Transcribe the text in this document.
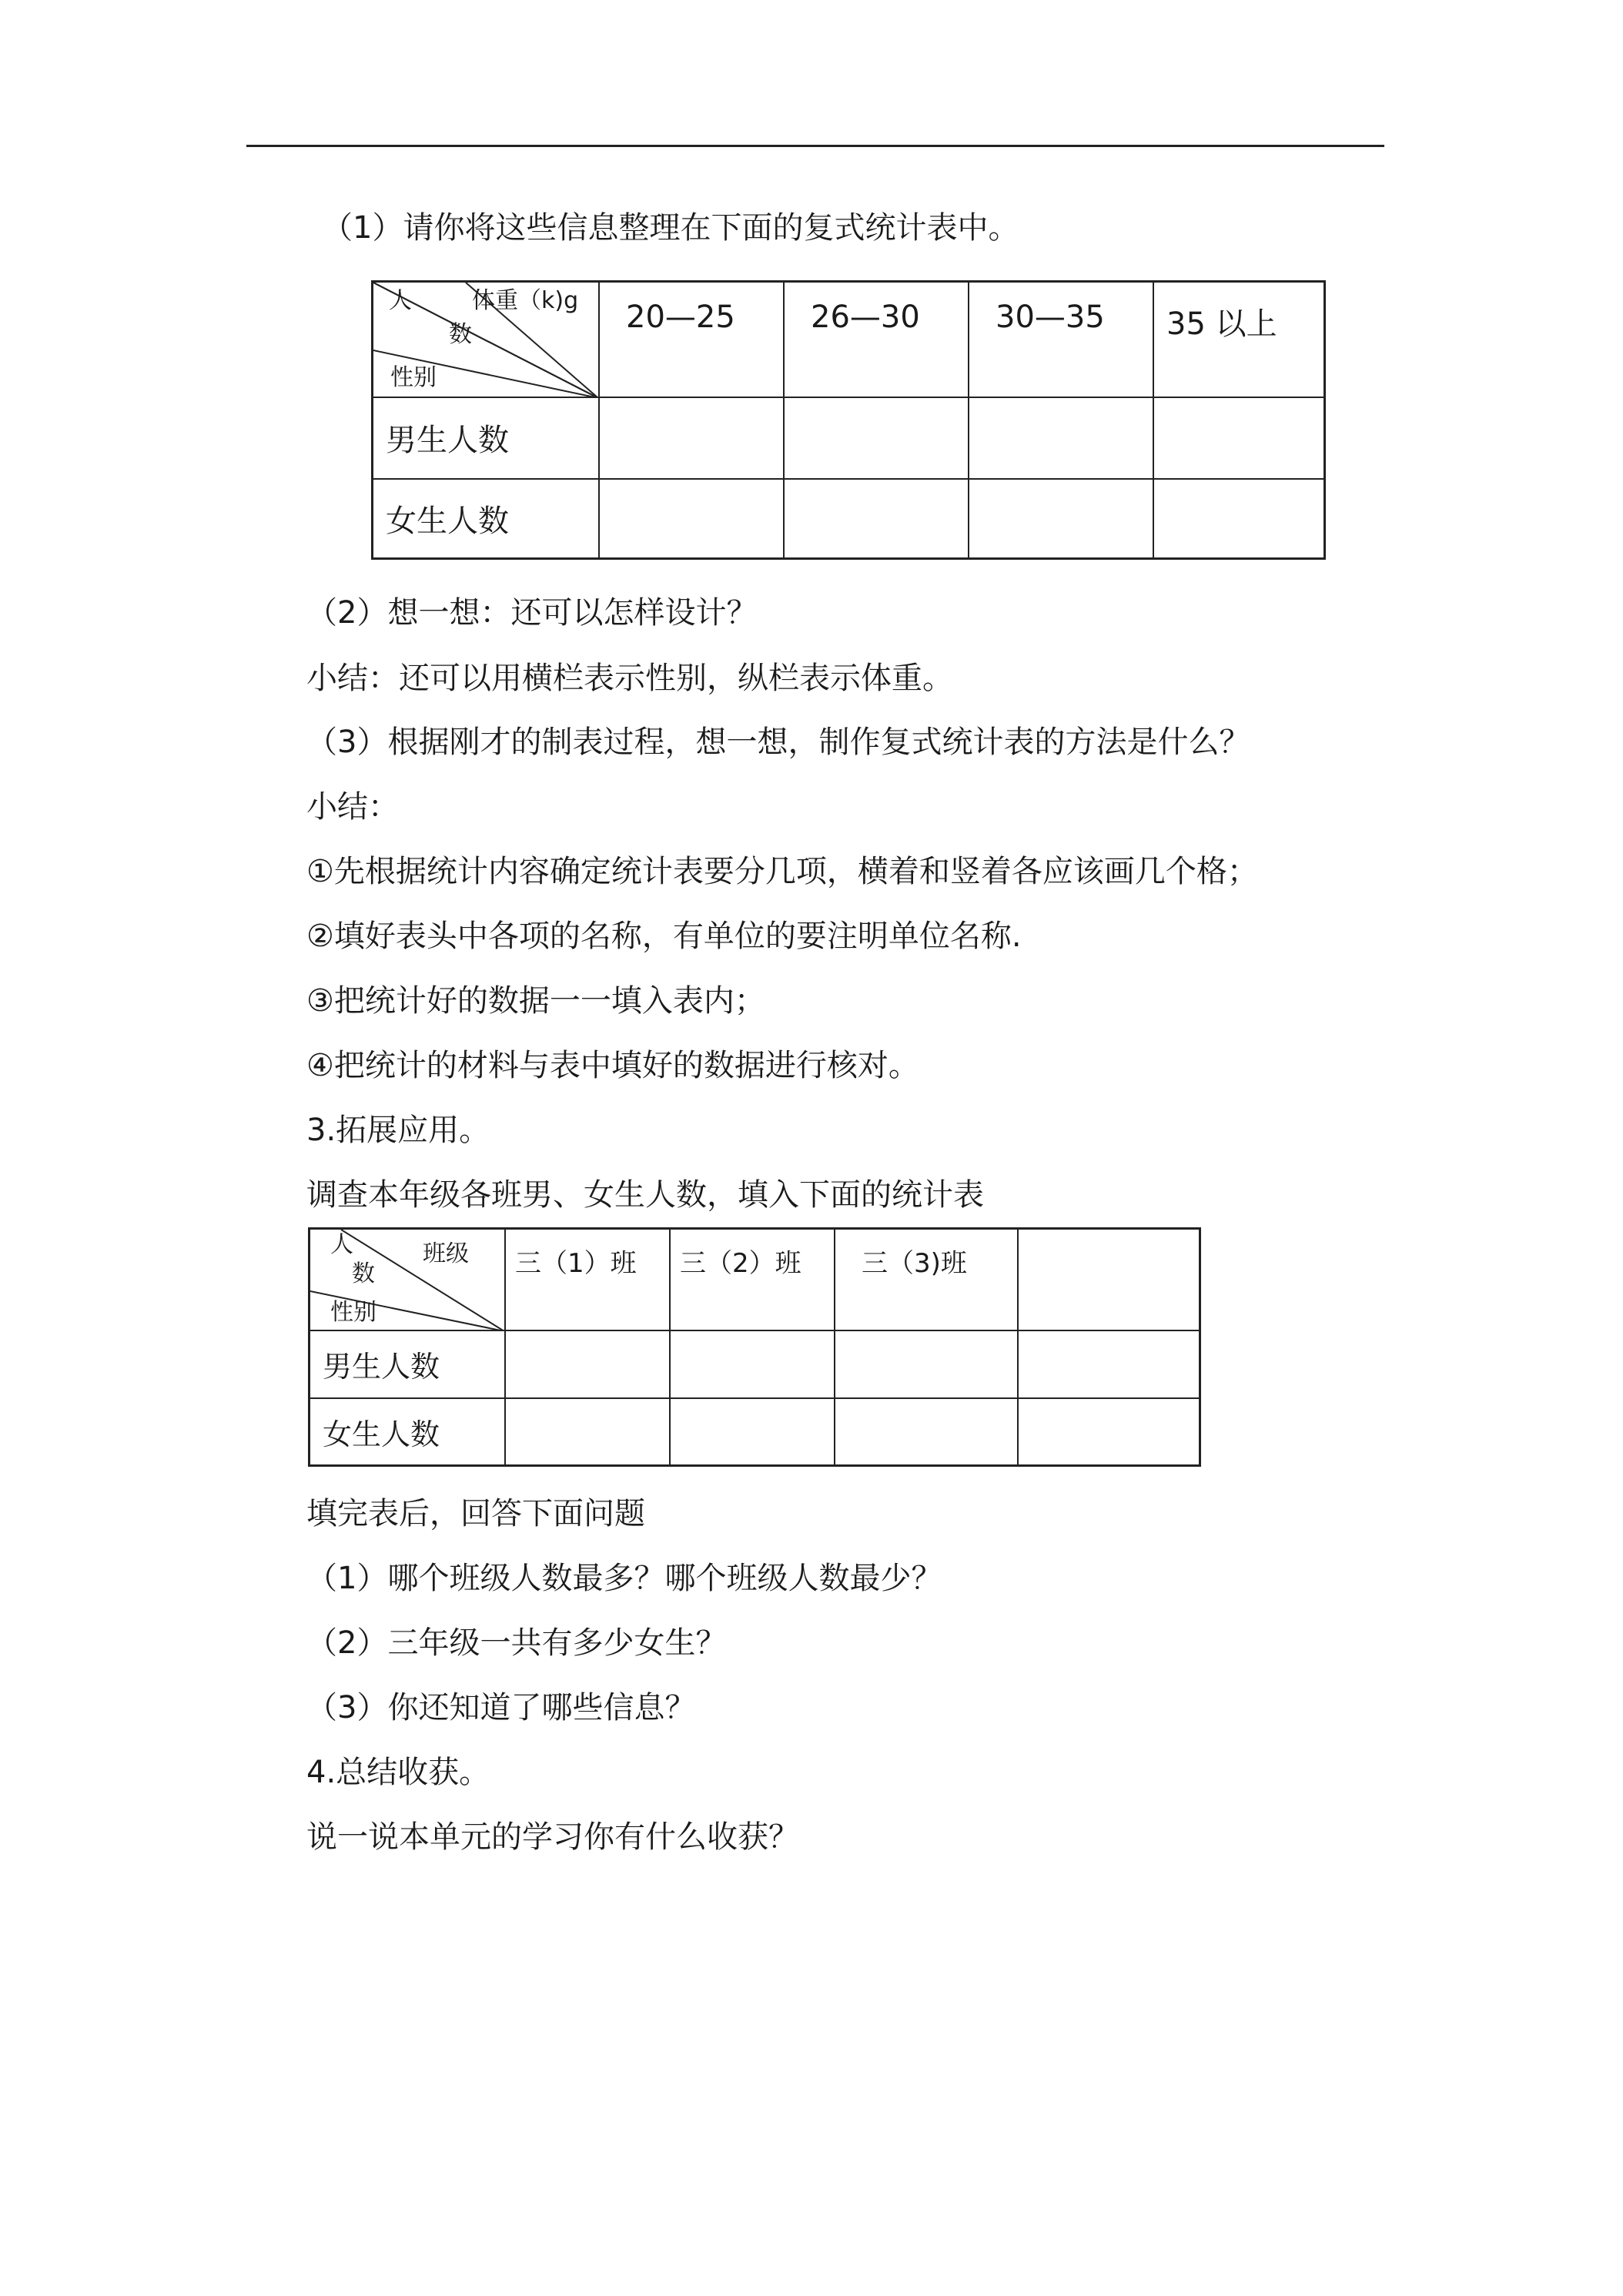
（1）请你将这些信息整理在下面的复式统计表中。
人 体重（k)g
数
性别	20—25	26—30	30—35	35 以上
男生人数				
女生人数				
（2）想一想：还可以怎样设计？
小结：还可以用横栏表示性别，纵栏表示体重。
（3）根据刚才的制表过程，想一想，制作复式统计表的方法是什么？
小结：
①先根据统计内容确定统计表要分几项，横着和竖着各应该画几个格；
②填好表头中各项的名称，有单位的要注明单位名称.
③把统计好的数据一一填入表内；
④把统计的材料与表中填好的数据进行核对。
3.拓展应用。
调查本年级各班男、女生人数，填入下面的统计表
人 班级
数
性别	三（1）班	三（2）班	三（3)班	
男生人数				
女生人数				
填完表后，回答下面问题
（1）哪个班级人数最多？哪个班级人数最少？
（2）三年级一共有多少女生？
（3）你还知道了哪些信息？
4.总结收获。
说一说本单元的学习你有什么收获？
